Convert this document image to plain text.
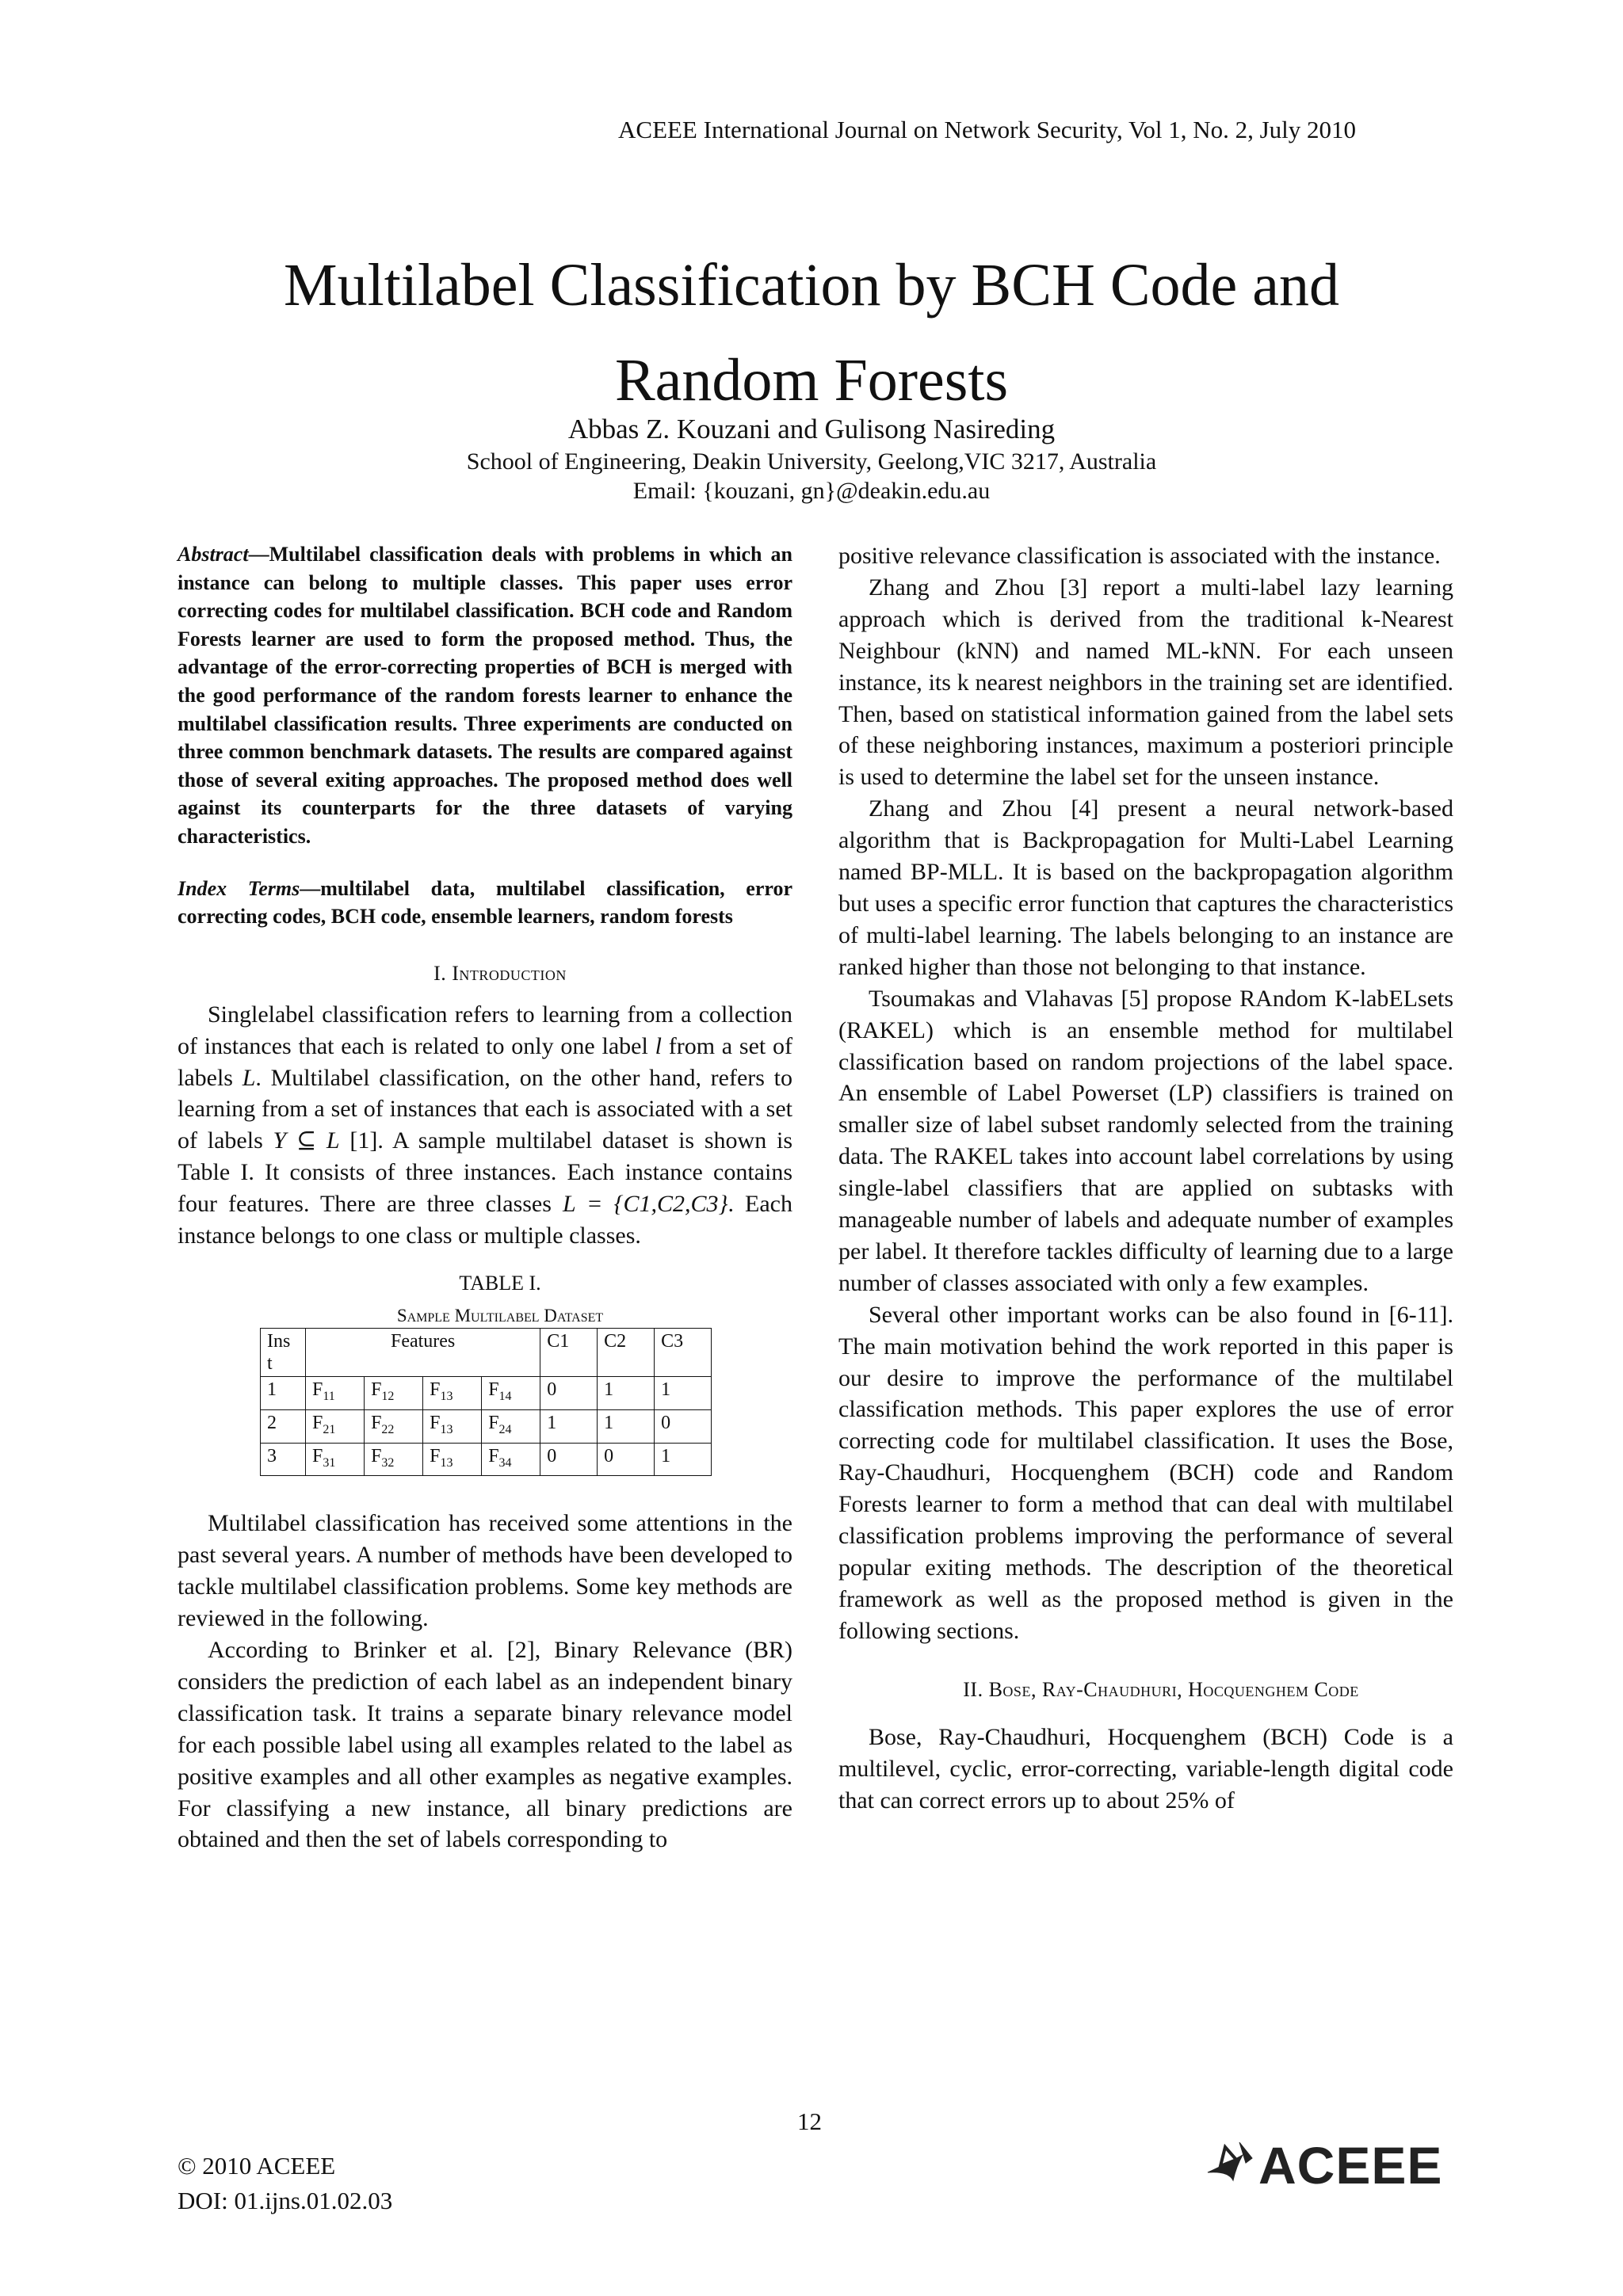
ACEEE International Journal on Network Security, Vol 1, No. 2, July 2010
Multilabel Classification by BCH Code and
Random Forests
Abbas Z. Kouzani and Gulisong Nasireding
School of Engineering, Deakin University, Geelong,VIC 3217, Australia
Email: {kouzani, gn}@deakin.edu.au

Abstract—Multilabel classification deals with problems in which an instance can belong to multiple classes. This paper uses error correcting codes for multilabel classification. BCH code and Random Forests learner are used to form the proposed method. Thus, the advantage of the error-correcting properties of BCH is merged with the good performance of the random forests learner to enhance the multilabel classification results. Three experiments are conducted on three common benchmark datasets. The results are compared against those of several exiting approaches. The proposed method does well against its counterparts for the three datasets of varying characteristics.

Index Terms—multilabel data, multilabel classification, error correcting codes, BCH code, ensemble learners, random forests

I. Introduction

Singlelabel classification refers to learning from a collection of instances that each is related to only one label l from a set of labels L. Multilabel classification, on the other hand, refers to learning from a set of instances that each is associated with a set of labels Y ⊆ L [1]. A sample multilabel dataset is shown is Table I. It consists of three instances. Each instance contains four features. There are three classes L = {C1,C2,C3}. Each instance belongs to one class or multiple classes.

TABLE I.

Sample Multilabel Dataset

Ins t	Features				C1	C2	C3
1	$F_{11}$	$F_{12}$	$F_{13}$	$F_{14}$	0	1	1
2	$F_{21}$	$F_{22}$	$F_{13}$	$F_{24}$	1	1	0
3	$F_{31}$	$F_{32}$	$F_{13}$	$F_{34}$	0	0	1

Multilabel classification has received some attentions in the past several years. A number of methods have been developed to tackle multilabel classification problems. Some key methods are reviewed in the following.

According to Brinker et al. [2], Binary Relevance (BR) considers the prediction of each label as an independent binary classification task. It trains a separate binary relevance model for each possible label using all examples related to the label as positive examples and all other examples as negative examples. For classifying a new instance, all binary predictions are obtained and then the set of labels corresponding to

positive relevance classification is associated with the instance.

Zhang and Zhou [3] report a multi-label lazy learning approach which is derived from the traditional k-Nearest Neighbour (kNN) and named ML-kNN. For each unseen instance, its k nearest neighbors in the training set are identified. Then, based on statistical information gained from the label sets of these neighboring instances, maximum a posteriori principle is used to determine the label set for the unseen instance.

Zhang and Zhou [4] present a neural network-based algorithm that is Backpropagation for Multi-Label Learning named BP-MLL. It is based on the backpropagation algorithm but uses a specific error function that captures the characteristics of multi-label learning. The labels belonging to an instance are ranked higher than those not belonging to that instance.

Tsoumakas and Vlahavas [5] propose RAndom K-labELsets (RAKEL) which is an ensemble method for multilabel classification based on random projections of the label space. An ensemble of Label Powerset (LP) classifiers is trained on smaller size of label subset randomly selected from the training data. The RAKEL takes into account label correlations by using single-label classifiers that are applied on subtasks with manageable number of labels and adequate number of examples per label. It therefore tackles difficulty of learning due to a large number of classes associated with only a few examples.

Several other important works can be also found in [6-11]. The main motivation behind the work reported in this paper is our desire to improve the performance of the multilabel classification methods. This paper explores the use of error correcting code for multilabel classification. It uses the Bose, Ray-Chaudhuri, Hocquenghem (BCH) code and Random Forests learner to form a method that can deal with multilabel classification problems improving the performance of several popular exiting methods. The description of the theoretical framework as well as the proposed method is given in the following sections.

II. Bose, Ray-Chaudhuri, Hocquenghem Code

Bose, Ray-Chaudhuri, Hocquenghem (BCH) Code is a multilevel, cyclic, error-correcting, variable-length digital code that can correct errors up to about 25% of

12
© 2010 ACEEE
DOI: 01.ijns.01.02.03
ACEEE
